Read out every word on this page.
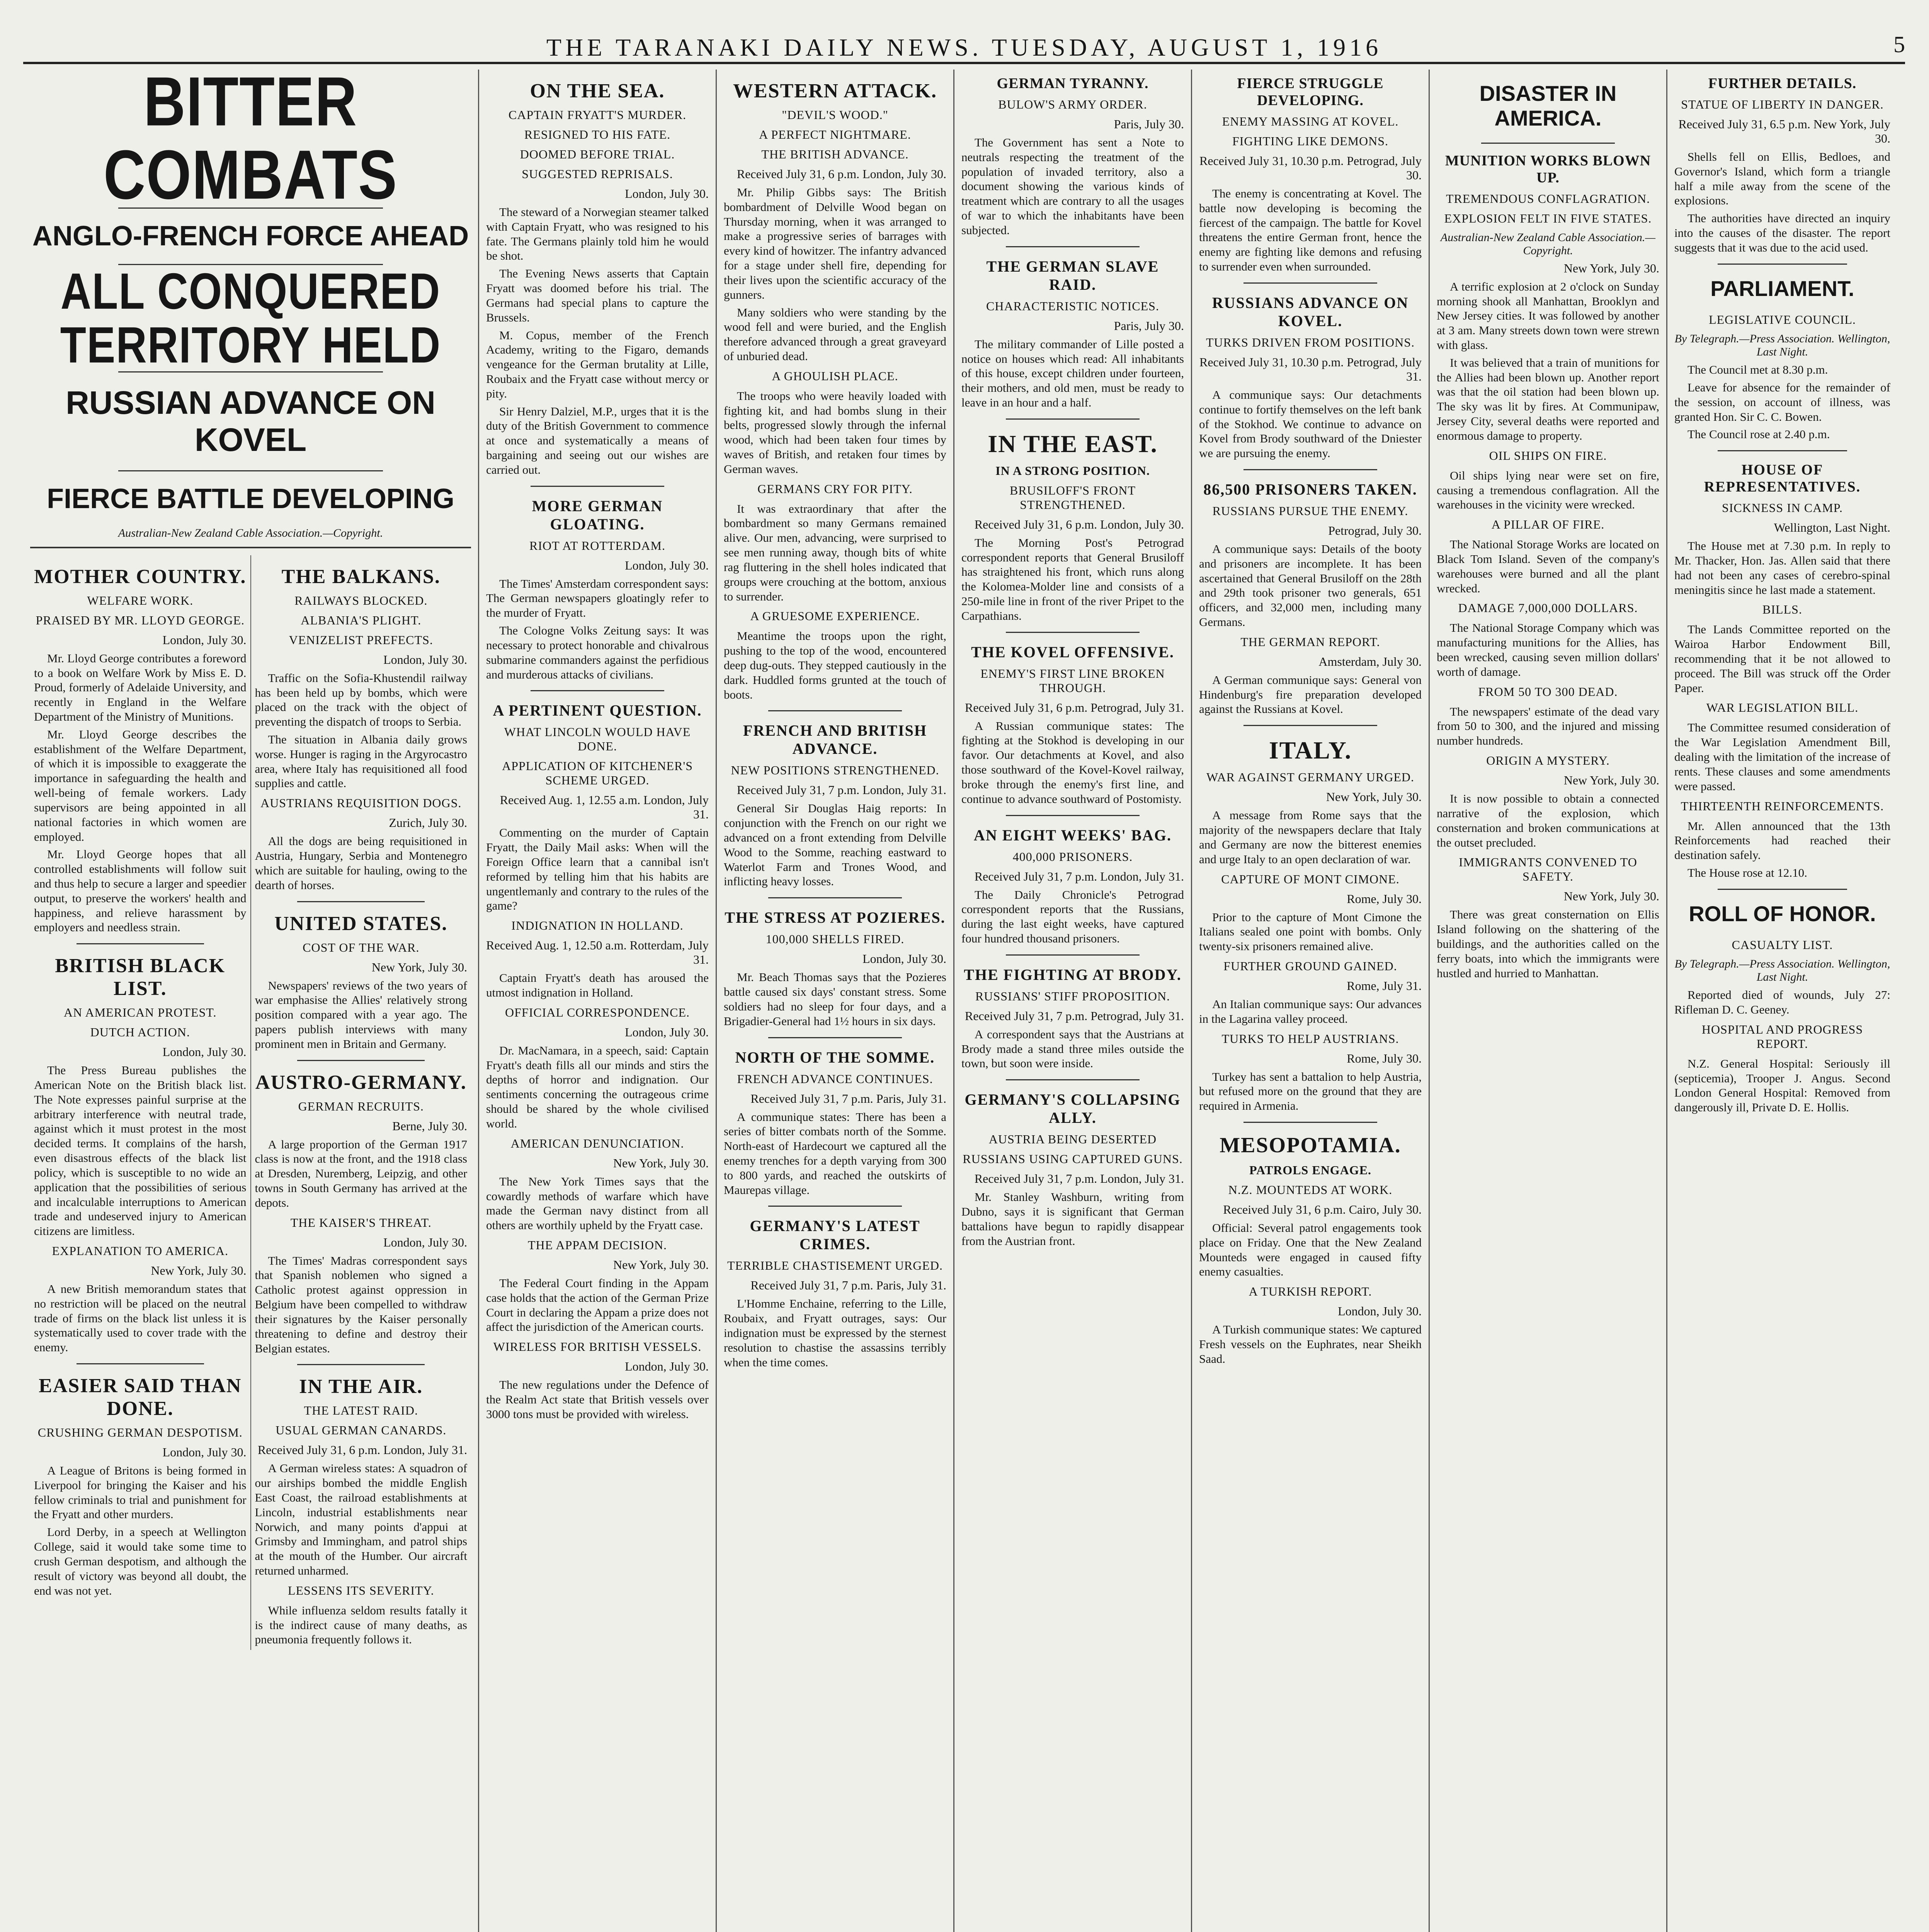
THE TARANAKI DAILY NEWS. TUESDAY, AUGUST 1, 1916	5
BITTER COMBATS
ANGLO-FRENCH FORCE AHEAD
ALL CONQUERED TERRITORY HELD
RUSSIAN ADVANCE ON KOVEL
FIERCE BATTLE DEVELOPING
Australian-New Zealand Cable Association.—Copyright.
MOTHER COUNTRY.
WELFARE WORK.
PRAISED BY MR. LLOYD GEORGE.
London, July 30.

Mr. Lloyd George contributes a foreword to a book on Welfare Work by Miss E. D. Proud, formerly of Adelaide University, and recently in England in the Welfare Department of the Ministry of Munitions.

Mr. Lloyd George describes the establishment of the Welfare Department, of which it is impossible to exaggerate the importance in safeguarding the health and well-being of female workers. Lady supervisors are being appointed in all national factories in which women are employed.

Mr. Lloyd George hopes that all controlled establishments will follow suit and thus help to secure a larger and speedier output, to preserve the workers' health and happiness, and relieve harassment by employers and needless strain.

BRITISH BLACK LIST.
AN AMERICAN PROTEST.
DUTCH ACTION.
London, July 30.

The Press Bureau publishes the American Note on the British black list. The Note expresses painful surprise at the arbitrary interference with neutral trade, against which it must protest in the most decided terms. It complains of the harsh, even disastrous effects of the black list policy, which is susceptible to no wide an application that the possibilities of serious and incalculable interruptions to American trade and undeserved injury to American citizens are limitless.

EXPLANATION TO AMERICA.
New York, July 30.

A new British memorandum states that no restriction will be placed on the neutral trade of firms on the black list unless it is systematically used to cover trade with the enemy.

EASIER SAID THAN DONE.
CRUSHING GERMAN DESPOTISM.
London, July 30.

A League of Britons is being formed in Liverpool for bringing the Kaiser and his fellow criminals to trial and punishment for the Fryatt and other murders.

Lord Derby, in a speech at Wellington College, said it would take some time to crush German despotism, and although the result of victory was beyond all doubt, the end was not yet.

THE BALKANS.
RAILWAYS BLOCKED.
ALBANIA'S PLIGHT.
VENIZELIST PREFECTS.
London, July 30.

Traffic on the Sofia-Khustendil railway has been held up by bombs, which were placed on the track with the object of preventing the dispatch of troops to Serbia.

The situation in Albania daily grows worse. Hunger is raging in the Argyrocastro area, where Italy has requisitioned all food supplies and cattle.

AUSTRIANS REQUISITION DOGS.
Zurich, July 30.

All the dogs are being requisitioned in Austria, Hungary, Serbia and Montenegro which are suitable for hauling, owing to the dearth of horses.

UNITED STATES.
COST OF THE WAR.
New York, July 30.

Newspapers' reviews of the two years of war emphasise the Allies' relatively strong position compared with a year ago. The papers publish interviews with many prominent men in Britain and Germany.

AUSTRO-GERMANY.
GERMAN RECRUITS.
Berne, July 30.

A large proportion of the German 1917 class is now at the front, and the 1918 class at Dresden, Nuremberg, Leipzig, and other towns in South Germany has arrived at the depots.

THE KAISER'S THREAT.
London, July 30.

The Times' Madras correspondent says that Spanish noblemen who signed a Catholic protest against oppression in Belgium have been compelled to withdraw their signatures by the Kaiser personally threatening to define and destroy their Belgian estates.

IN THE AIR.
THE LATEST RAID.
USUAL GERMAN CANARDS.
Received July 31, 6 p.m. London, July 31.

A German wireless states: A squadron of our airships bombed the middle English East Coast, the railroad establishments at Lincoln, industrial establishments near Norwich, and many points d'appui at Grimsby and Immingham, and patrol ships at the mouth of the Humber. Our aircraft returned unharmed.

LESSENS ITS SEVERITY.

While influenza seldom results fatally it is the indirect cause of many deaths, as pneumonia frequently follows it.

ON THE SEA.
CAPTAIN FRYATT'S MURDER.
RESIGNED TO HIS FATE.
DOOMED BEFORE TRIAL.
SUGGESTED REPRISALS.
London, July 30.

The steward of a Norwegian steamer talked with Captain Fryatt, who was resigned to his fate. The Germans plainly told him he would be shot.

The Evening News asserts that Captain Fryatt was doomed before his trial. The Germans had special plans to capture the Brussels.

M. Copus, member of the French Academy, writing to the Figaro, demands vengeance for the German brutality at Lille, Roubaix and the Fryatt case without mercy or pity.

Sir Henry Dalziel, M.P., urges that it is the duty of the British Government to commence at once and systematically a means of bargaining and seeing out our wishes are carried out.

MORE GERMAN GLOATING.
RIOT AT ROTTERDAM.
London, July 30.

The Times' Amsterdam correspondent says: The German newspapers gloatingly refer to the murder of Fryatt.

The Cologne Volks Zeitung says: It was necessary to protect honorable and chivalrous submarine commanders against the perfidious and murderous attacks of civilians.

A PERTINENT QUESTION.
WHAT LINCOLN WOULD HAVE DONE.
APPLICATION OF KITCHENER'S SCHEME URGED.
Received Aug. 1, 12.55 a.m. London, July 31.

Commenting on the murder of Captain Fryatt, the Daily Mail asks: When will the Foreign Office learn that a cannibal isn't reformed by telling him that his habits are ungentlemanly and contrary to the rules of the game?

INDIGNATION IN HOLLAND.
Received Aug. 1, 12.50 a.m. Rotterdam, July 31.

Captain Fryatt's death has aroused the utmost indignation in Holland.

OFFICIAL CORRESPONDENCE.
London, July 30.

Dr. MacNamara, in a speech, said: Captain Fryatt's death fills all our minds and stirs the depths of horror and indignation. Our sentiments concerning the outrageous crime should be shared by the whole civilised world.

AMERICAN DENUNCIATION.
New York, July 30.

The New York Times says that the cowardly methods of warfare which have made the German navy distinct from all others are worthily upheld by the Fryatt case.

THE APPAM DECISION.
New York, July 30.

The Federal Court finding in the Appam case holds that the action of the German Prize Court in declaring the Appam a prize does not affect the jurisdiction of the American courts.

WIRELESS FOR BRITISH VESSELS.
London, July 30.

The new regulations under the Defence of the Realm Act state that British vessels over 3000 tons must be provided with wireless.

WESTERN ATTACK.
"DEVIL'S WOOD."
A PERFECT NIGHTMARE.
THE BRITISH ADVANCE.
Received July 31, 6 p.m. London, July 30.

Mr. Philip Gibbs says: The British bombardment of Delville Wood began on Thursday morning, when it was arranged to make a progressive series of barrages with every kind of howitzer. The infantry advanced for a stage under shell fire, depending for their lives upon the scientific accuracy of the gunners.

Many soldiers who were standing by the wood fell and were buried, and the English therefore advanced through a great graveyard of unburied dead.

A GHOULISH PLACE.

The troops who were heavily loaded with fighting kit, and had bombs slung in their belts, progressed slowly through the infernal wood, which had been taken four times by waves of British, and retaken four times by German waves.

GERMANS CRY FOR PITY.

It was extraordinary that after the bombardment so many Germans remained alive. Our men, advancing, were surprised to see men running away, though bits of white rag fluttering in the shell holes indicated that groups were crouching at the bottom, anxious to surrender.

A GRUESOME EXPERIENCE.

Meantime the troops upon the right, pushing to the top of the wood, encountered deep dug-outs. They stepped cautiously in the dark. Huddled forms grunted at the touch of boots.

FRENCH AND BRITISH ADVANCE.
NEW POSITIONS STRENGTHENED.
Received July 31, 7 p.m. London, July 31.

General Sir Douglas Haig reports: In conjunction with the French on our right we advanced on a front extending from Delville Wood to the Somme, reaching eastward to Waterlot Farm and Trones Wood, and inflicting heavy losses.

THE STRESS AT POZIERES.
100,000 SHELLS FIRED.
London, July 30.

Mr. Beach Thomas says that the Pozieres battle caused six days' constant stress. Some soldiers had no sleep for four days, and a Brigadier-General had 1½ hours in six days.

NORTH OF THE SOMME.
FRENCH ADVANCE CONTINUES.
Received July 31, 7 p.m. Paris, July 31.

A communique states: There has been a series of bitter combats north of the Somme. North-east of Hardecourt we captured all the enemy trenches for a depth varying from 300 to 800 yards, and reached the outskirts of Maurepas village.

GERMANY'S LATEST CRIMES.
TERRIBLE CHASTISEMENT URGED.
Received July 31, 7 p.m. Paris, July 31.

L'Homme Enchaine, referring to the Lille, Roubaix, and Fryatt outrages, says: Our indignation must be expressed by the sternest resolution to chastise the assassins terribly when the time comes.

GERMAN TYRANNY.
BULOW'S ARMY ORDER.
Paris, July 30.

The Government has sent a Note to neutrals respecting the treatment of the population of invaded territory, also a document showing the various kinds of treatment which are contrary to all the usages of war to which the inhabitants have been subjected.

THE GERMAN SLAVE RAID.
CHARACTERISTIC NOTICES.
Paris, July 30.

The military commander of Lille posted a notice on houses which read: All inhabitants of this house, except children under fourteen, their mothers, and old men, must be ready to leave in an hour and a half.

IN THE EAST.
IN A STRONG POSITION.
BRUSILOFF'S FRONT STRENGTHENED.
Received July 31, 6 p.m. London, July 30.

The Morning Post's Petrograd correspondent reports that General Brusiloff has straightened his front, which runs along the Kolomea-Molder line and consists of a 250-mile line in front of the river Pripet to the Carpathians.

THE KOVEL OFFENSIVE.
ENEMY'S FIRST LINE BROKEN THROUGH.
Received July 31, 6 p.m. Petrograd, July 31.

A Russian communique states: The fighting at the Stokhod is developing in our favor. Our detachments at Kovel, and also those southward of the Kovel-Kovel railway, broke through the enemy's first line, and continue to advance southward of Postomisty.

AN EIGHT WEEKS' BAG.
400,000 PRISONERS.
Received July 31, 7 p.m. London, July 31.

The Daily Chronicle's Petrograd correspondent reports that the Russians, during the last eight weeks, have captured four hundred thousand prisoners.

THE FIGHTING AT BRODY.
RUSSIANS' STIFF PROPOSITION.
Received July 31, 7 p.m. Petrograd, July 31.

A correspondent says that the Austrians at Brody made a stand three miles outside the town, but soon were inside.

GERMANY'S COLLAPSING ALLY.
AUSTRIA BEING DESERTED
RUSSIANS USING CAPTURED GUNS.
Received July 31, 7 p.m. London, July 31.

Mr. Stanley Washburn, writing from Dubno, says it is significant that German battalions have begun to rapidly disappear from the Austrian front.

FIERCE STRUGGLE DEVELOPING.
ENEMY MASSING AT KOVEL.
FIGHTING LIKE DEMONS.
Received July 31, 10.30 p.m. Petrograd, July 30.

The enemy is concentrating at Kovel. The battle now developing is becoming the fiercest of the campaign. The battle for Kovel threatens the entire German front, hence the enemy are fighting like demons and refusing to surrender even when surrounded.

RUSSIANS ADVANCE ON KOVEL.
TURKS DRIVEN FROM POSITIONS.
Received July 31, 10.30 p.m. Petrograd, July 31.

A communique says: Our detachments continue to fortify themselves on the left bank of the Stokhod. We continue to advance on Kovel from Brody southward of the Dniester we are pursuing the enemy.

86,500 PRISONERS TAKEN.
RUSSIANS PURSUE THE ENEMY.
Petrograd, July 30.

A communique says: Details of the booty and prisoners are incomplete. It has been ascertained that General Brusiloff on the 28th and 29th took prisoner two generals, 651 officers, and 32,000 men, including many Germans.

THE GERMAN REPORT.
Amsterdam, July 30.

A German communique says: General von Hindenburg's fire preparation developed against the Russians at Kovel.

ITALY.
WAR AGAINST GERMANY URGED.
New York, July 30.

A message from Rome says that the majority of the newspapers declare that Italy and Germany are now the bitterest enemies and urge Italy to an open declaration of war.

CAPTURE OF MONT CIMONE.
Rome, July 30.

Prior to the capture of Mont Cimone the Italians sealed one point with bombs. Only twenty-six prisoners remained alive.

FURTHER GROUND GAINED.
Rome, July 31.

An Italian communique says: Our advances in the Lagarina valley proceed.

TURKS TO HELP AUSTRIANS.
Rome, July 30.

Turkey has sent a battalion to help Austria, but refused more on the ground that they are required in Armenia.

MESOPOTAMIA.
PATROLS ENGAGE.
N.Z. MOUNTEDS AT WORK.
Received July 31, 6 p.m. Cairo, July 30.

Official: Several patrol engagements took place on Friday. One that the New Zealand Mounteds were engaged in caused fifty enemy casualties.

A TURKISH REPORT.
London, July 30.

A Turkish communique states: We captured Fresh vessels on the Euphrates, near Sheikh Saad.

DISASTER IN AMERICA.
MUNITION WORKS BLOWN UP.
TREMENDOUS CONFLAGRATION.
EXPLOSION FELT IN FIVE STATES.
Australian-New Zealand Cable Association.—Copyright.
New York, July 30.

A terrific explosion at 2 o'clock on Sunday morning shook all Manhattan, Brooklyn and New Jersey cities. It was followed by another at 3 am. Many streets down town were strewn with glass.

It was believed that a train of munitions for the Allies had been blown up. Another report was that the oil station had been blown up. The sky was lit by fires. At Communipaw, Jersey City, several deaths were reported and enormous damage to property.

OIL SHIPS ON FIRE.

Oil ships lying near were set on fire, causing a tremendous conflagration. All the warehouses in the vicinity were wrecked.

A PILLAR OF FIRE.

The National Storage Works are located on Black Tom Island. Seven of the company's warehouses were burned and all the plant wrecked.

DAMAGE 7,000,000 DOLLARS.

The National Storage Company which was manufacturing munitions for the Allies, has been wrecked, causing seven million dollars' worth of damage.

FROM 50 TO 300 DEAD.

The newspapers' estimate of the dead vary from 50 to 300, and the injured and missing number hundreds.

ORIGIN A MYSTERY.
New York, July 30.

It is now possible to obtain a connected narrative of the explosion, which consternation and broken communications at the outset precluded.

IMMIGRANTS CONVENED TO SAFETY.
New York, July 30.

There was great consternation on Ellis Island following on the shattering of the buildings, and the authorities called on the ferry boats, into which the immigrants were hustled and hurried to Manhattan.

FURTHER DETAILS.
STATUE OF LIBERTY IN DANGER.
Received July 31, 6.5 p.m. New York, July 30.

Shells fell on Ellis, Bedloes, and Governor's Island, which form a triangle half a mile away from the scene of the explosions.

The authorities have directed an inquiry into the causes of the disaster. The report suggests that it was due to the acid used.

PARLIAMENT.
LEGISLATIVE COUNCIL.
By Telegraph.—Press Association. Wellington, Last Night.

The Council met at 8.30 p.m.

Leave for absence for the remainder of the session, on account of illness, was granted Hon. Sir C. C. Bowen.

The Council rose at 2.40 p.m.

HOUSE OF REPRESENTATIVES.
SICKNESS IN CAMP.
Wellington, Last Night.

The House met at 7.30 p.m. In reply to Mr. Thacker, Hon. Jas. Allen said that there had not been any cases of cerebro-spinal meningitis since he last made a statement.

BILLS.

The Lands Committee reported on the Wairoa Harbor Endowment Bill, recommending that it be not allowed to proceed. The Bill was struck off the Order Paper.

WAR LEGISLATION BILL.

The Committee resumed consideration of the War Legislation Amendment Bill, dealing with the limitation of the increase of rents. These clauses and some amendments were passed.

THIRTEENTH REINFORCEMENTS.

Mr. Allen announced that the 13th Reinforcements had reached their destination safely.

The House rose at 12.10.

ROLL OF HONOR.
CASUALTY LIST.
By Telegraph.—Press Association. Wellington, Last Night.

Reported died of wounds, July 27: Rifleman D. C. Geeney.

HOSPITAL AND PROGRESS REPORT.

N.Z. General Hospital: Seriously ill (septicemia), Trooper J. Angus. Second London General Hospital: Removed from dangerously ill, Private D. E. Hollis.
